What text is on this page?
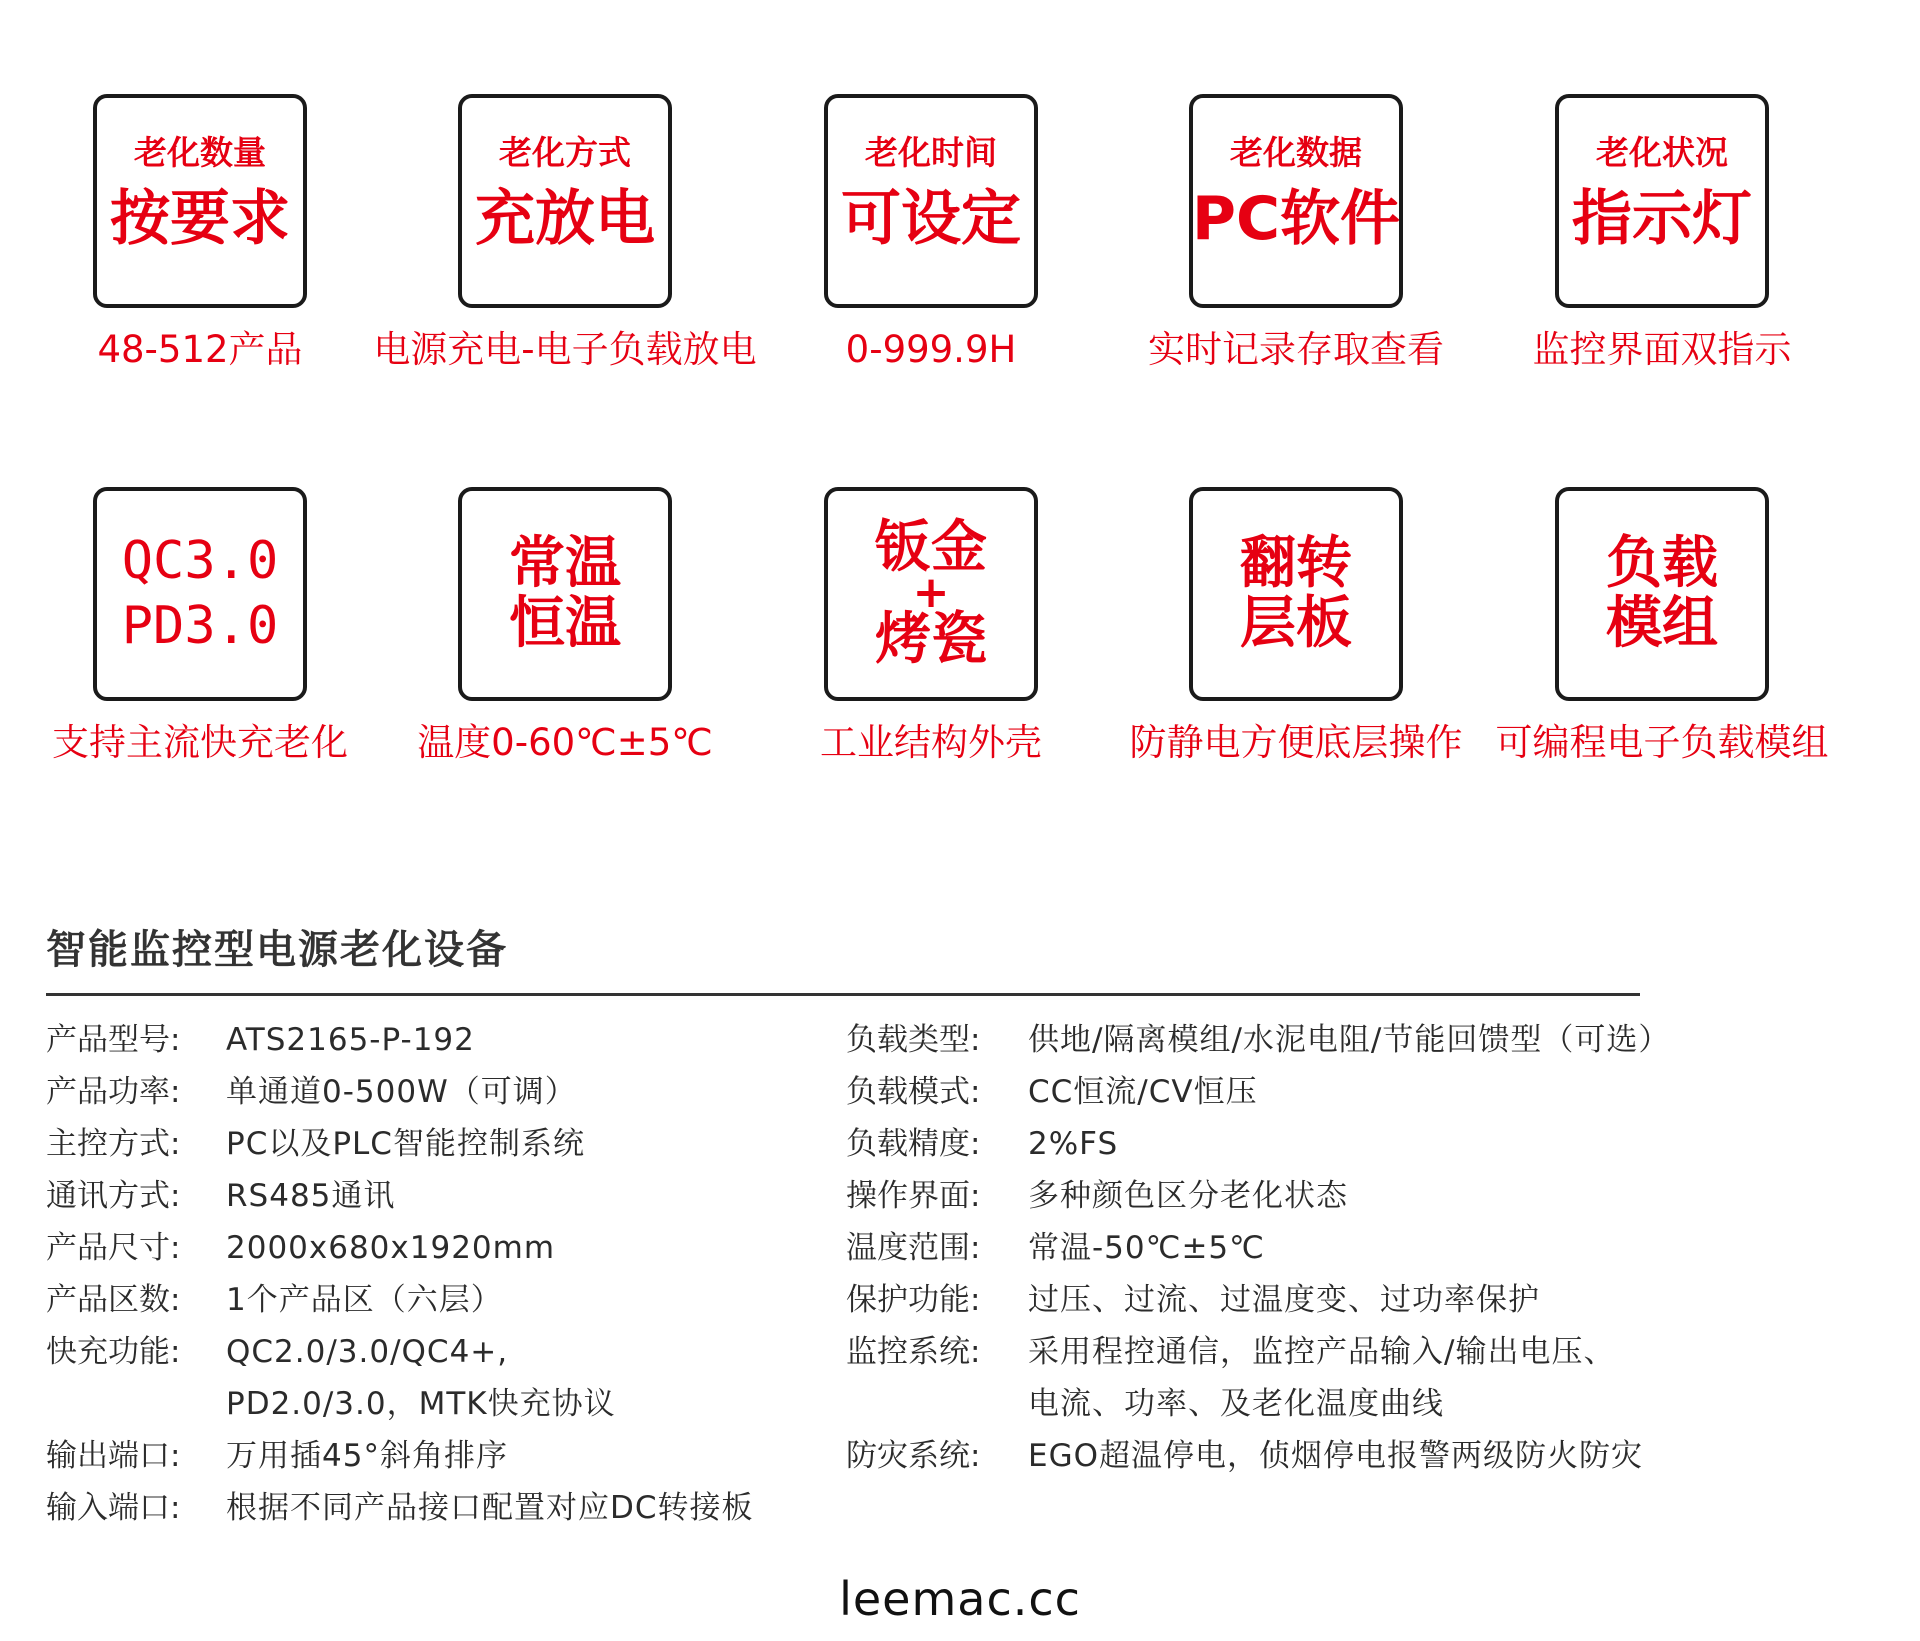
老化数量
按要求
48-512产品
老化方式
充放电
电源充电-电子负载放电
老化时间
可设定
0-999.9H
老化数据
PC软件
实时记录存取查看
老化状况
指示灯
监控界面双指示
QC3.0
PD3.0
支持主流快充老化
常温
恒温
温度0-60℃±5℃
钣金
+
烤瓷
工业结构外壳
翻转
层板
防静电方便底层操作
负载
模组
可编程电子负载模组
智能监控型电源老化设备
产品型号:	ATS2165-P-192
产品功率:	单通道0-500W（可调）
主控方式:	PC以及PLC智能控制系统
通讯方式:	RS485通讯
产品尺寸:	2000x680x1920mm
产品区数:	1个产品区（六层）
快充功能:	QC2.0/3.0/QC4+,
PD2.0/3.0，MTK快充协议
输出端口:	万用插45°斜角排序
输入端口:	根据不同产品接口配置对应DC转接板
负载类型:	供地/隔离模组/水泥电阻/节能回馈型（可选）
负载模式:	CC恒流/CV恒压
负载精度:	2%FS
操作界面:	多种颜色区分老化状态
温度范围:	常温-50℃±5℃
保护功能:	过压、过流、过温度变、过功率保护
监控系统:	采用程控通信，监控产品输入/输出电压、
电流、功率、及老化温度曲线
防灾系统:	EGO超温停电，侦烟停电报警两级防火防灾
leemac.cc
